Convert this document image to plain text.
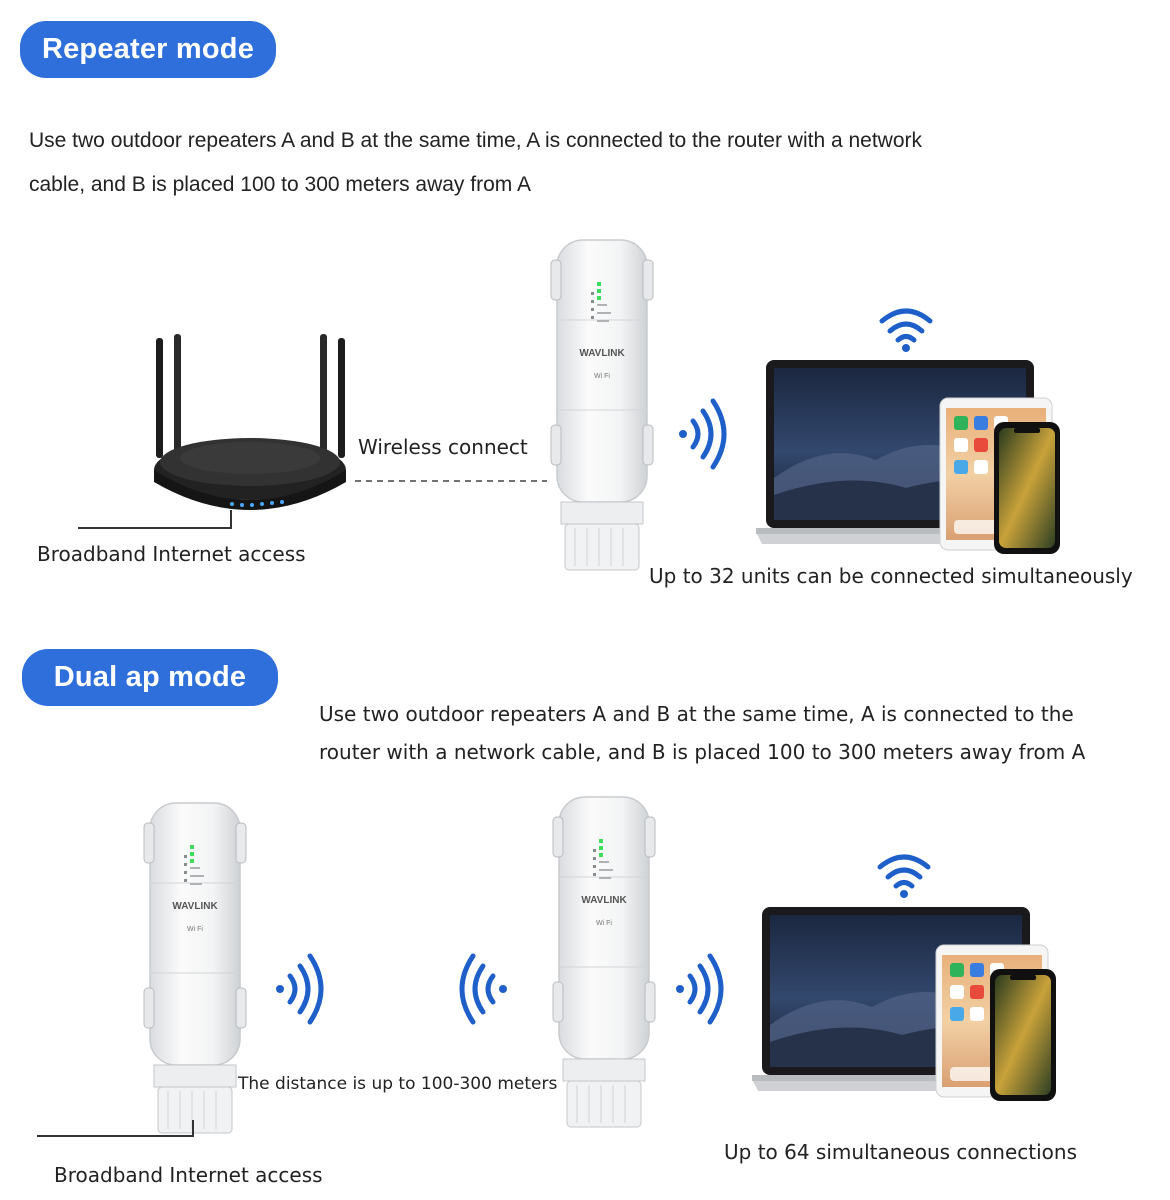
Repeater mode
Use two outdoor repeaters A and B at the same time, A is connected to the router with a network
cable, and B is placed 100 to 300 meters away from A
WAVLINK
Wi Fi
Wireless connect
Broadband Internet access
Up to 32 units can be connected simultaneously
Dual ap mode
Use two outdoor repeaters A and B at the same time, A is connected to the
router with a network cable, and B is placed 100 to 300 meters away from A
WAVLINK
Wi Fi
WAVLINK
Wi Fi
The distance is up to 100-300 meters
Broadband Internet access
Up to 64 simultaneous connections
